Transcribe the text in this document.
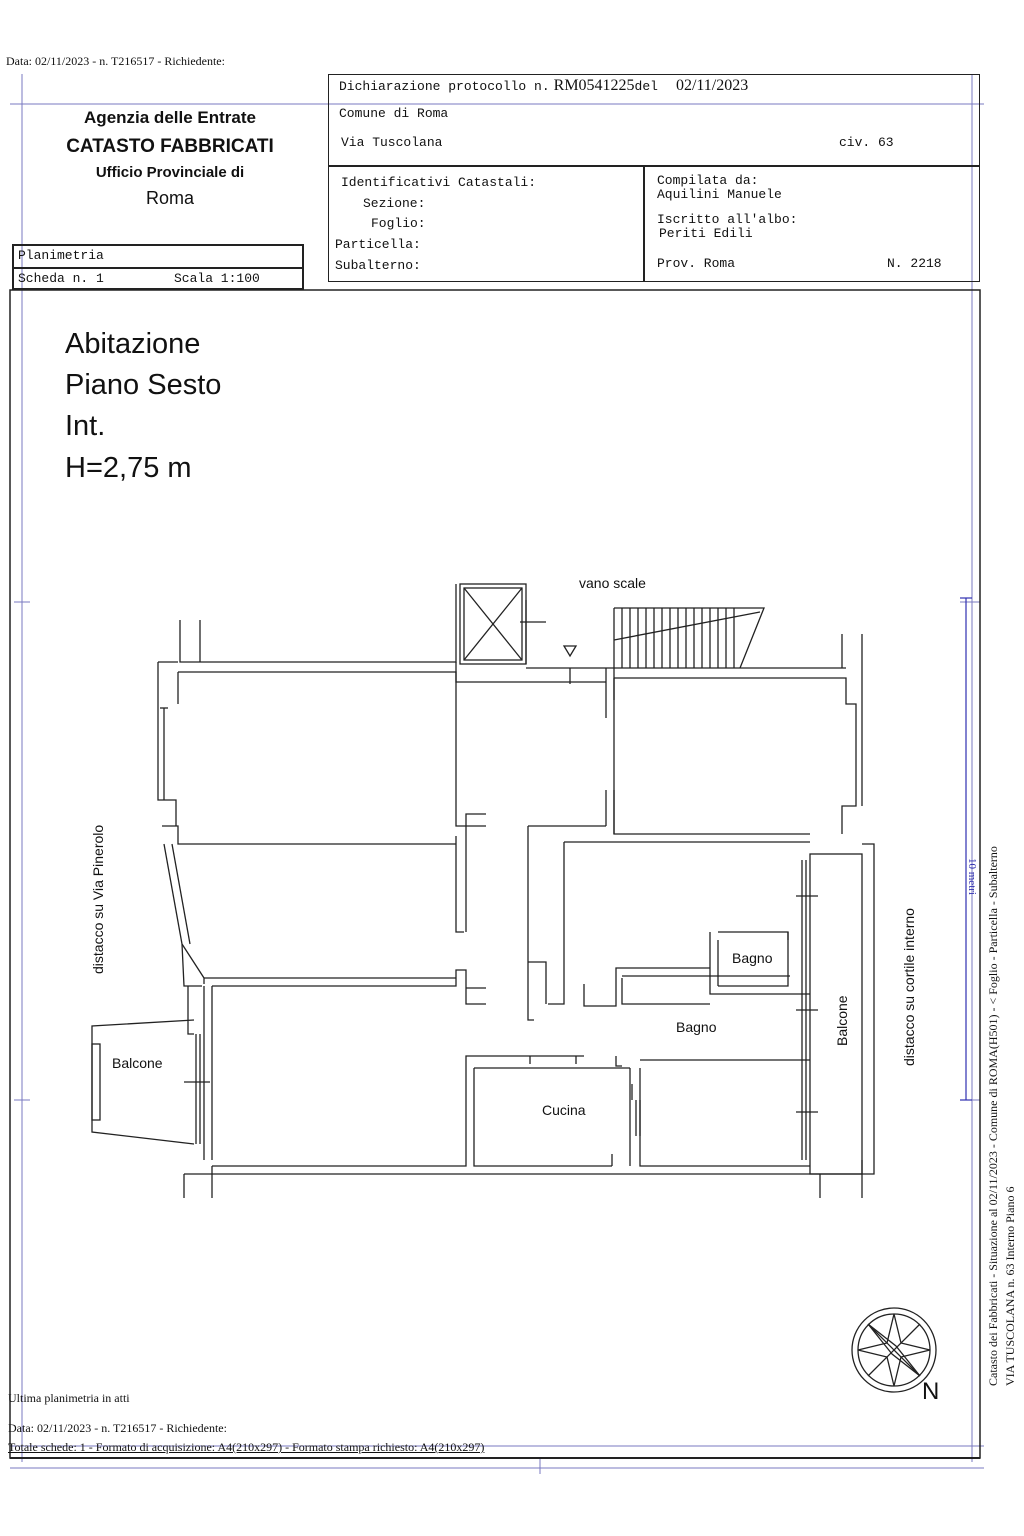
Data: 02/11/2023 - n. T216517 - Richiedente:
Agenzia delle Entrate
CATASTO FABBRICATI
Ufficio Provinciale di
Roma
Planimetria
Scheda n. 1	Scala 1:100
Dichiarazione protocollo n. RM0541225del 02/11/2023
Comune di Roma
Via Tuscolana	civ. 63
Identificativi Catastali:
Sezione:
Foglio:
Particella:
Subalterno:
Compilata da:
Aquilini Manuele
Iscritto all'albo:
Periti Edili
Prov. Roma	N. 2218
Abitazione
Piano Sesto
Int.
H=2,75 m
vano scale
Bagno
Bagno
Cucina
Balcone
Balcone
distacco su Via Pinerolo
distacco su cortile interno
10 metri
N
Catasto dei Fabbricati - Situazione al 02/11/2023 - Comune di ROMA(H501) - < Foglio - Particella - Subalterno VIA TUSCOLANA n. 63 Interno Piano 6
Ultima planimetria in atti
Data: 02/11/2023 - n. T216517 - Richiedente:
Totale schede: 1 - Formato di acquisizione: A4(210x297) - Formato stampa richiesto: A4(210x297)
